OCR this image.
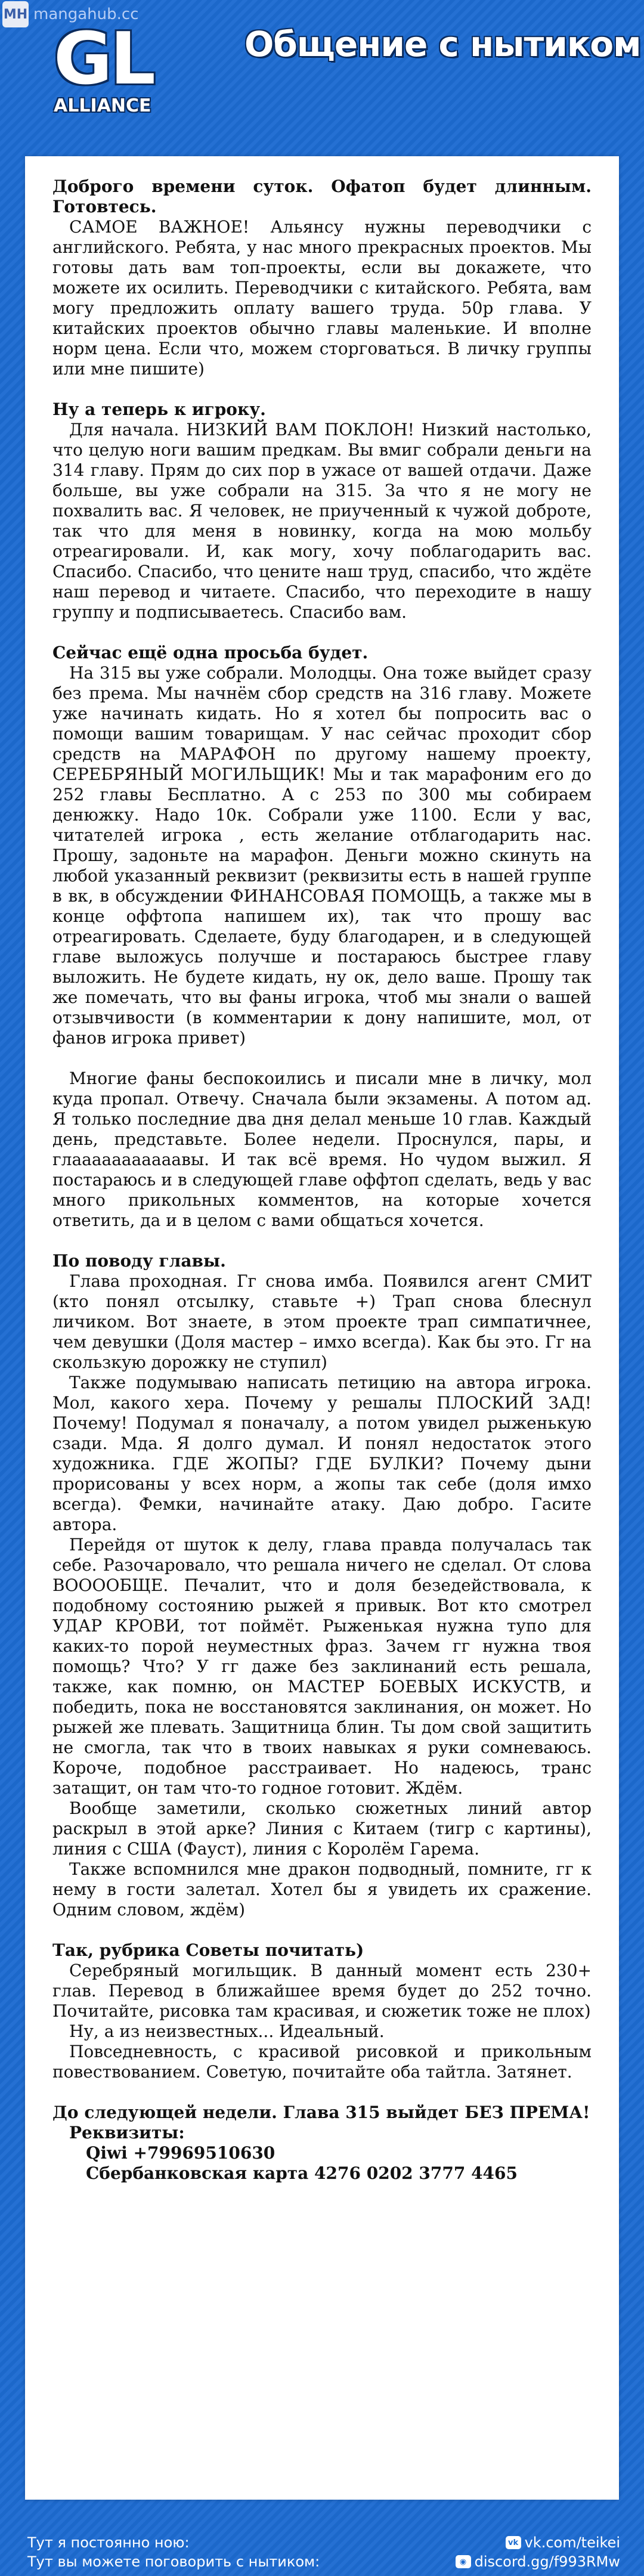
MH mangahub.cc
GL
ALLIANCE
Общение с нытиком

Доброго времени суток. Офатоп будет длинным. Готовтесь.

САМОЕ ВАЖНОЕ! Альянсу нужны переводчики с английского. Ребята, у нас много прекрасных проектов. Мы готовы дать вам топ-проекты, если вы докажете, что можете их осилить. Переводчики с китайского. Ребята, вам могу предложить оплату вашего труда. 50р глава. У китайских проектов обычно главы маленькие. И вполне норм цена. Если что, можем сторговаться. В личку группы или мне пишите)

Ну а теперь к игроку.

Для начала. НИЗКИЙ ВАМ ПОКЛОН! Низкий настолько, что целую ноги вашим предкам. Вы вмиг собрали деньги на 314 главу. Прям до сих пор в ужасе от вашей отдачи. Даже больше, вы уже собрали на 315. За что я не могу не похвалить вас. Я человек, не приученный к чужой доброте, так что для меня в новинку, когда на мою мольбу отреагировали. И, как могу, хочу поблагодарить вас. Спасибо. Спасибо, что цените наш труд, спасибо, что ждёте наш перевод и читаете. Спасибо, что переходите в нашу группу и подписываетесь. Спасибо вам.

Сейчас ещё одна просьба будет.

На 315 вы уже собрали. Молодцы. Она тоже выйдет сразу без према. Мы начнём сбор средств на 316 главу. Можете уже начинать кидать. Но я хотел бы попросить вас о помощи вашим товарищам. У нас сейчас проходит сбор средств на МАРАФОН по другому нашему проекту, СЕРЕБРЯНЫЙ МОГИЛЬЩИК! Мы и так марафоним его до 252 главы Бесплатно. А с 253 по 300 мы собираем денюжку. Надо 10к. Собрали уже 1100. Если у вас, читателей игрока , есть желание отблагодарить нас. Прошу, задоньте на марафон. Деньги можно скинуть на любой указанный реквизит (реквизиты есть в нашей группе в вк, в обсуждении ФИНАНСОВАЯ ПОМОЩЬ, а также мы в конце оффтопа напишем их), так что прошу вас отреагировать. Сделаете, буду благодарен, и в следующей главе выложусь получше и постараюсь быстрее главу выложить. Не будете кидать, ну ок, дело ваше. Прошу так же помечать, что вы фаны игрока, чтоб мы знали о вашей отзывчивости (в комментарии к дону напишите, мол, от фанов игрока привет)

Многие фаны беспокоились и писали мне в личку, мол куда пропал. Отвечу. Сначала были экзамены. А потом ад. Я только последние два дня делал меньше 10 глав. Каждый день, представьте. Более недели. Проснулся, пары, и глааааааааааавы. И так всё время. Но чудом выжил. Я постараюсь и в следующей главе оффтоп сделать, ведь у вас много прикольных комментов, на которые хочется ответить, да и в целом с вами общаться хочется.

По поводу главы.

Глава проходная. Гг снова имба. Появился агент СМИТ (кто понял отсылку, ставьте +) Трап снова блеснул личиком. Вот знаете, в этом проекте трап симпатичнее, чем девушки (Доля мастер – имхо всегда). Как бы это. Гг на скользкую дорожку не ступил)

Также подумываю написать петицию на автора игрока. Мол, какого хера. Почему у решалы ПЛОСКИЙ ЗАД! Почему! Подумал я поначалу, а потом увидел рыженькую сзади. Мда. Я долго думал. И понял недостаток этого художника. ГДЕ ЖОПЫ? ГДЕ БУЛКИ? Почему дыни прорисованы у всех норм, а жопы так себе (доля имхо всегда). Фемки, начинайте атаку. Даю добро. Гасите автора.

Перейдя от шуток к делу, глава правда получалась так себе. Разочаровало, что решала ничего не сделал. От слова ВООООБЩЕ. Печалит, что и доля безедействовала, к подобному состоянию рыжей я привык. Вот кто смотрел УДАР КРОВИ, тот поймёт. Рыженькая нужна тупо для каких-то порой неуместных фраз. Зачем гг нужна твоя помощь? Что? У гг даже без заклинаний есть решала, также, как помню, он МАСТЕР БОЕВЫХ ИСКУСТВ, и победить, пока не восстановятся заклинания, он может. Но рыжей же плевать. Защитница блин. Ты дом свой защитить не смогла, так что в твоих навыках я руки сомневаюсь. Короче, подобное расстраивает. Но надеюсь, транс затащит, он там что-то годное готовит. Ждём.

Вообще заметили, сколько сюжетных линий автор раскрыл в этой арке? Линия с Китаем (тигр с картины), линия с США (Фауст), линия с Королём Гарема.

Также вспомнился мне дракон подводный, помните, гг к нему в гости залетал. Хотел бы я увидеть их сражение. Одним словом, ждём)

Так, рубрика Советы почитать)

Серебряный могильщик. В данный момент есть 230+ глав. Перевод в ближайшее время будет до 252 точно. Почитайте, рисовка там красивая, и сюжетик тоже не плох)

Ну, а из неизвестных... Идеальный.

Повседневность, с красивой рисовкой и прикольным повествованием. Советую, почитайте оба тайтла. Затянет.

До следующей недели. Глава 315 выйдет БЕЗ ПРЕМА!

Реквизиты:

Qiwi +79969510630

Сбербанковская карта 4276 0202 3777 4465

Тут я постоянно ною:
Тут вы можете поговорить с нытиком:
vk vk.com/teikei
◉ discord.gg/f993RMw
